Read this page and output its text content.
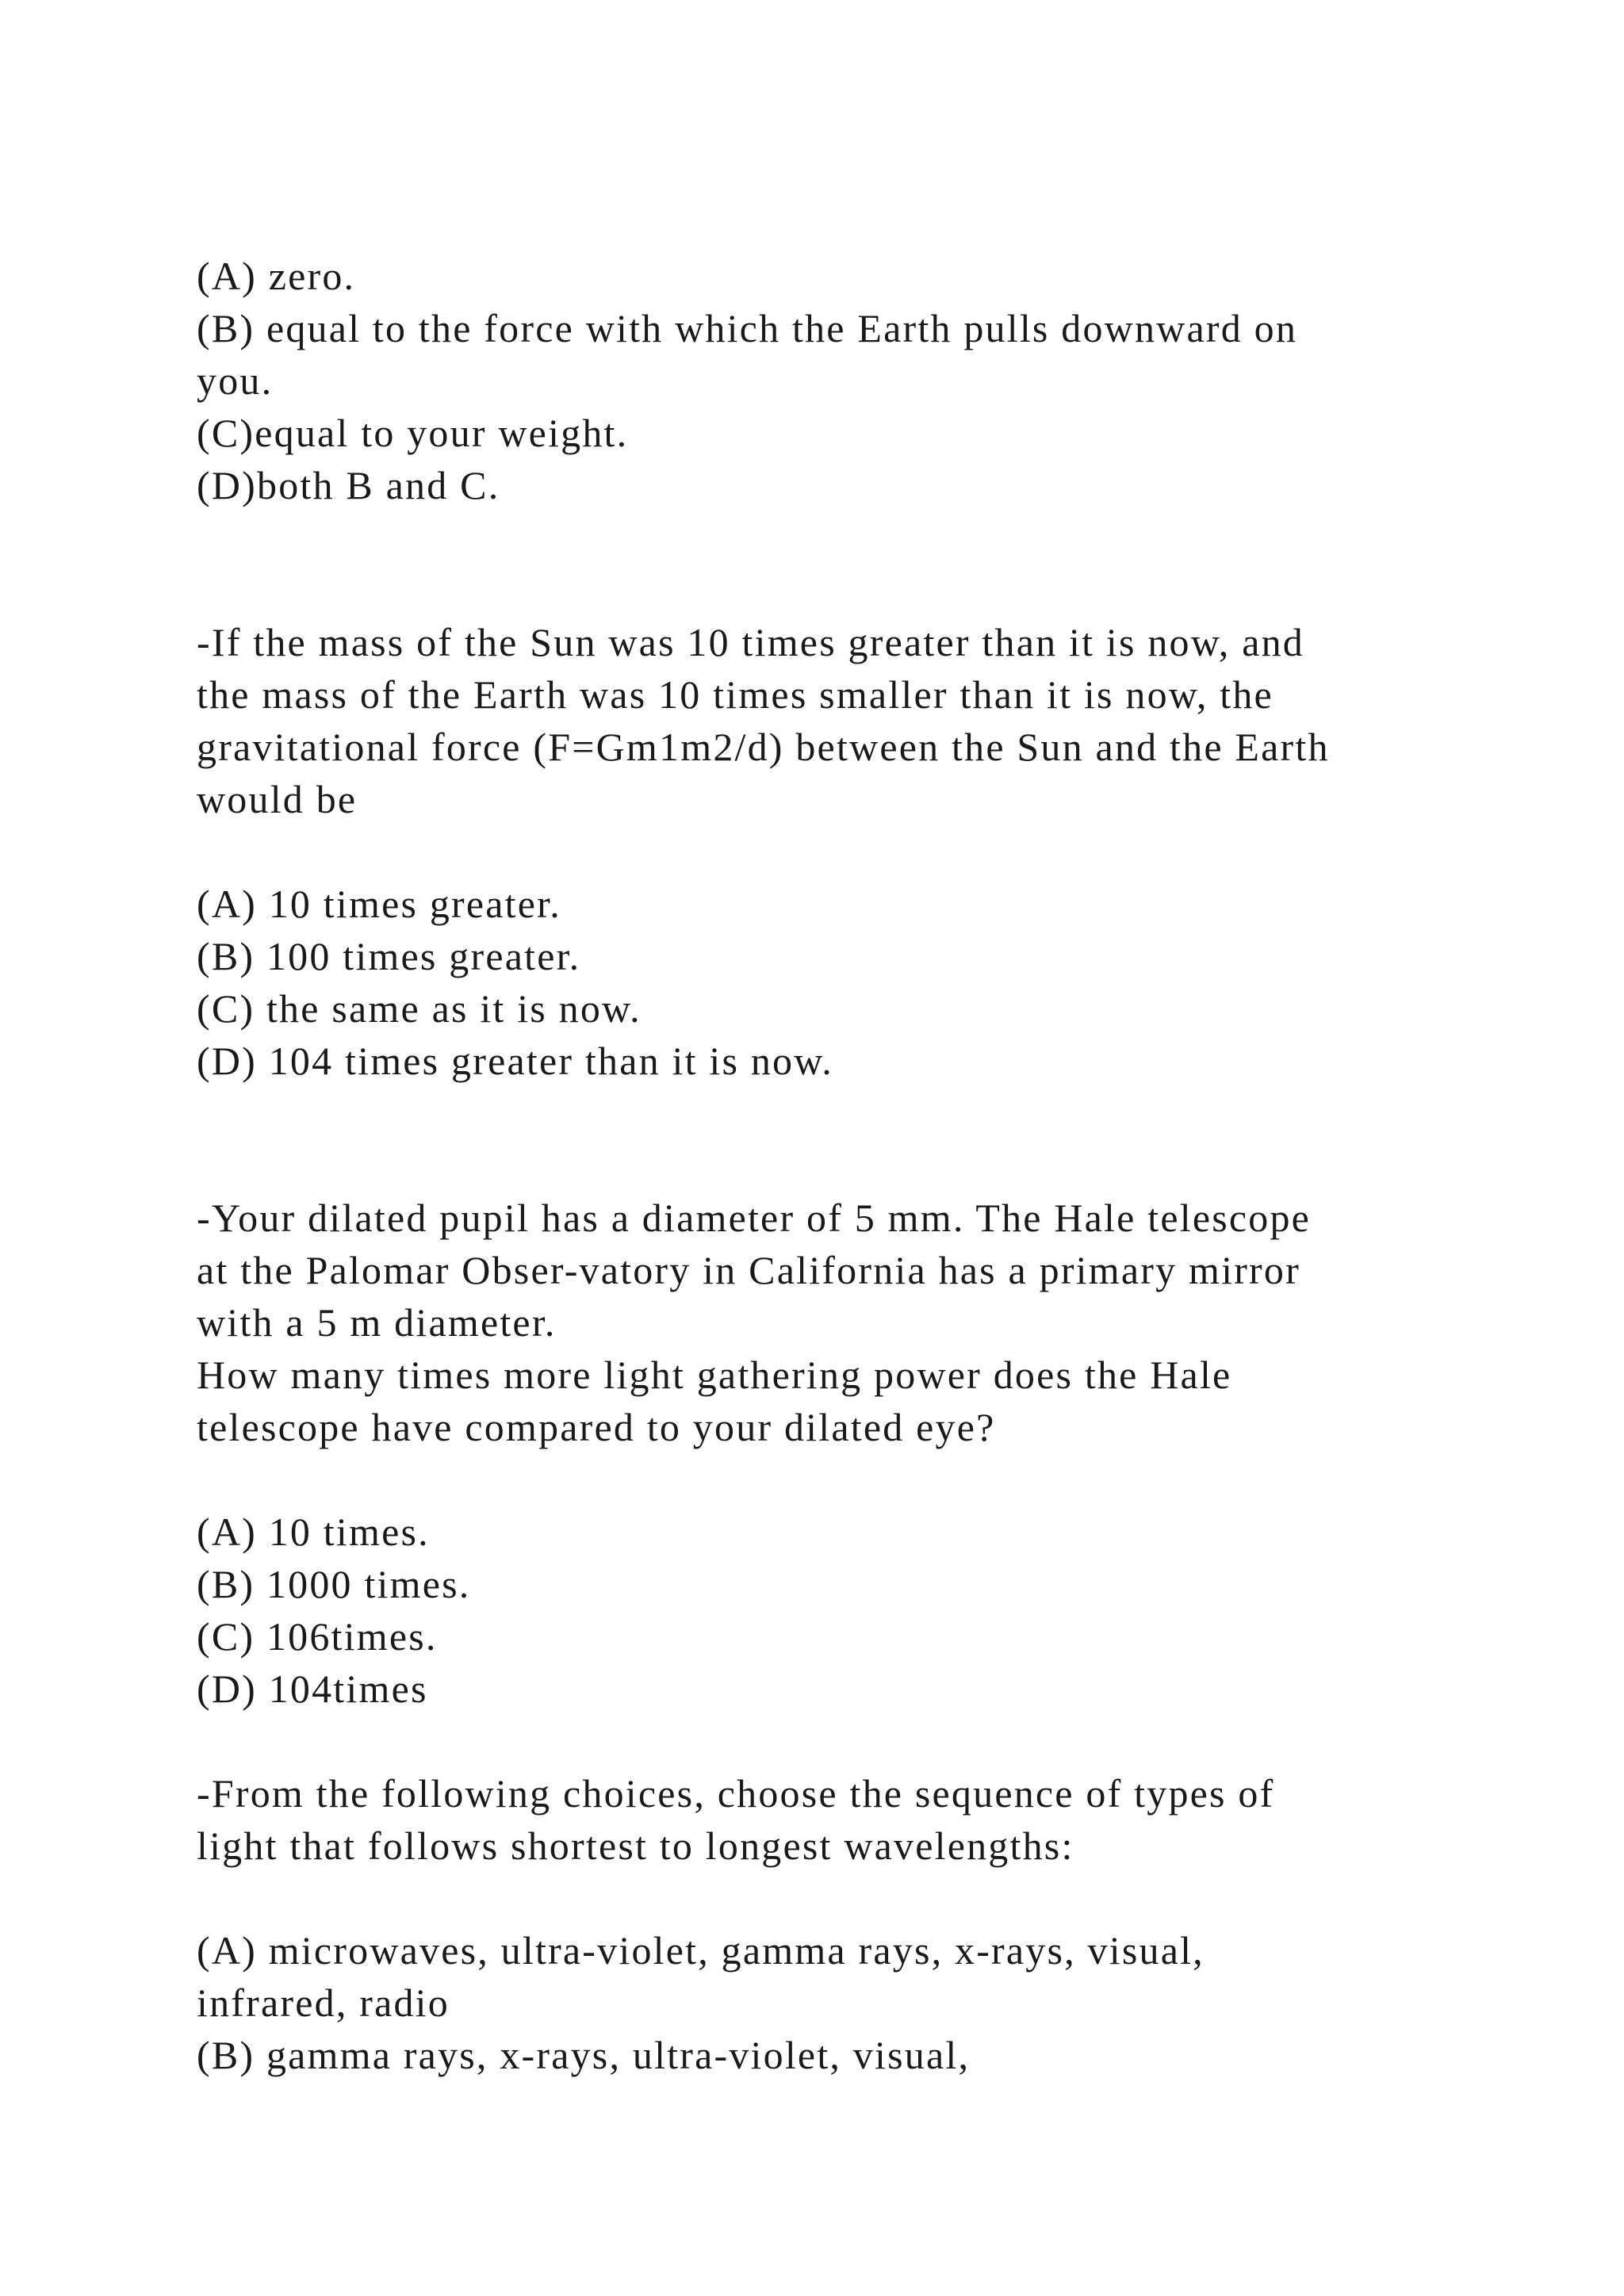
(A) zero.
(B) equal to the force with which the Earth pulls downward on
you.
(C)equal to your weight.
(D)both B and C.
-If the mass of the Sun was 10 times greater than it is now, and
the mass of the Earth was 10 times smaller than it is now, the
gravitational force (F=Gm1m2/d) between the Sun and the Earth
would be
(A) 10 times greater.
(B) 100 times greater.
(C) the same as it is now.
(D) 104 times greater than it is now.
-Your dilated pupil has a diameter of 5 mm. The Hale telescope
at the Palomar Obser-vatory in California has a primary mirror
with a 5 m diameter.
How many times more light gathering power does the Hale
telescope have compared to your dilated eye?
(A) 10 times.
(B) 1000 times.
(C) 106times.
(D) 104times
-From the following choices, choose the sequence of types of
light that follows shortest to longest wavelengths:
(A) microwaves, ultra-violet, gamma rays, x-rays, visual,
infrared, radio
(B) gamma rays, x-rays, ultra-violet, visual,
